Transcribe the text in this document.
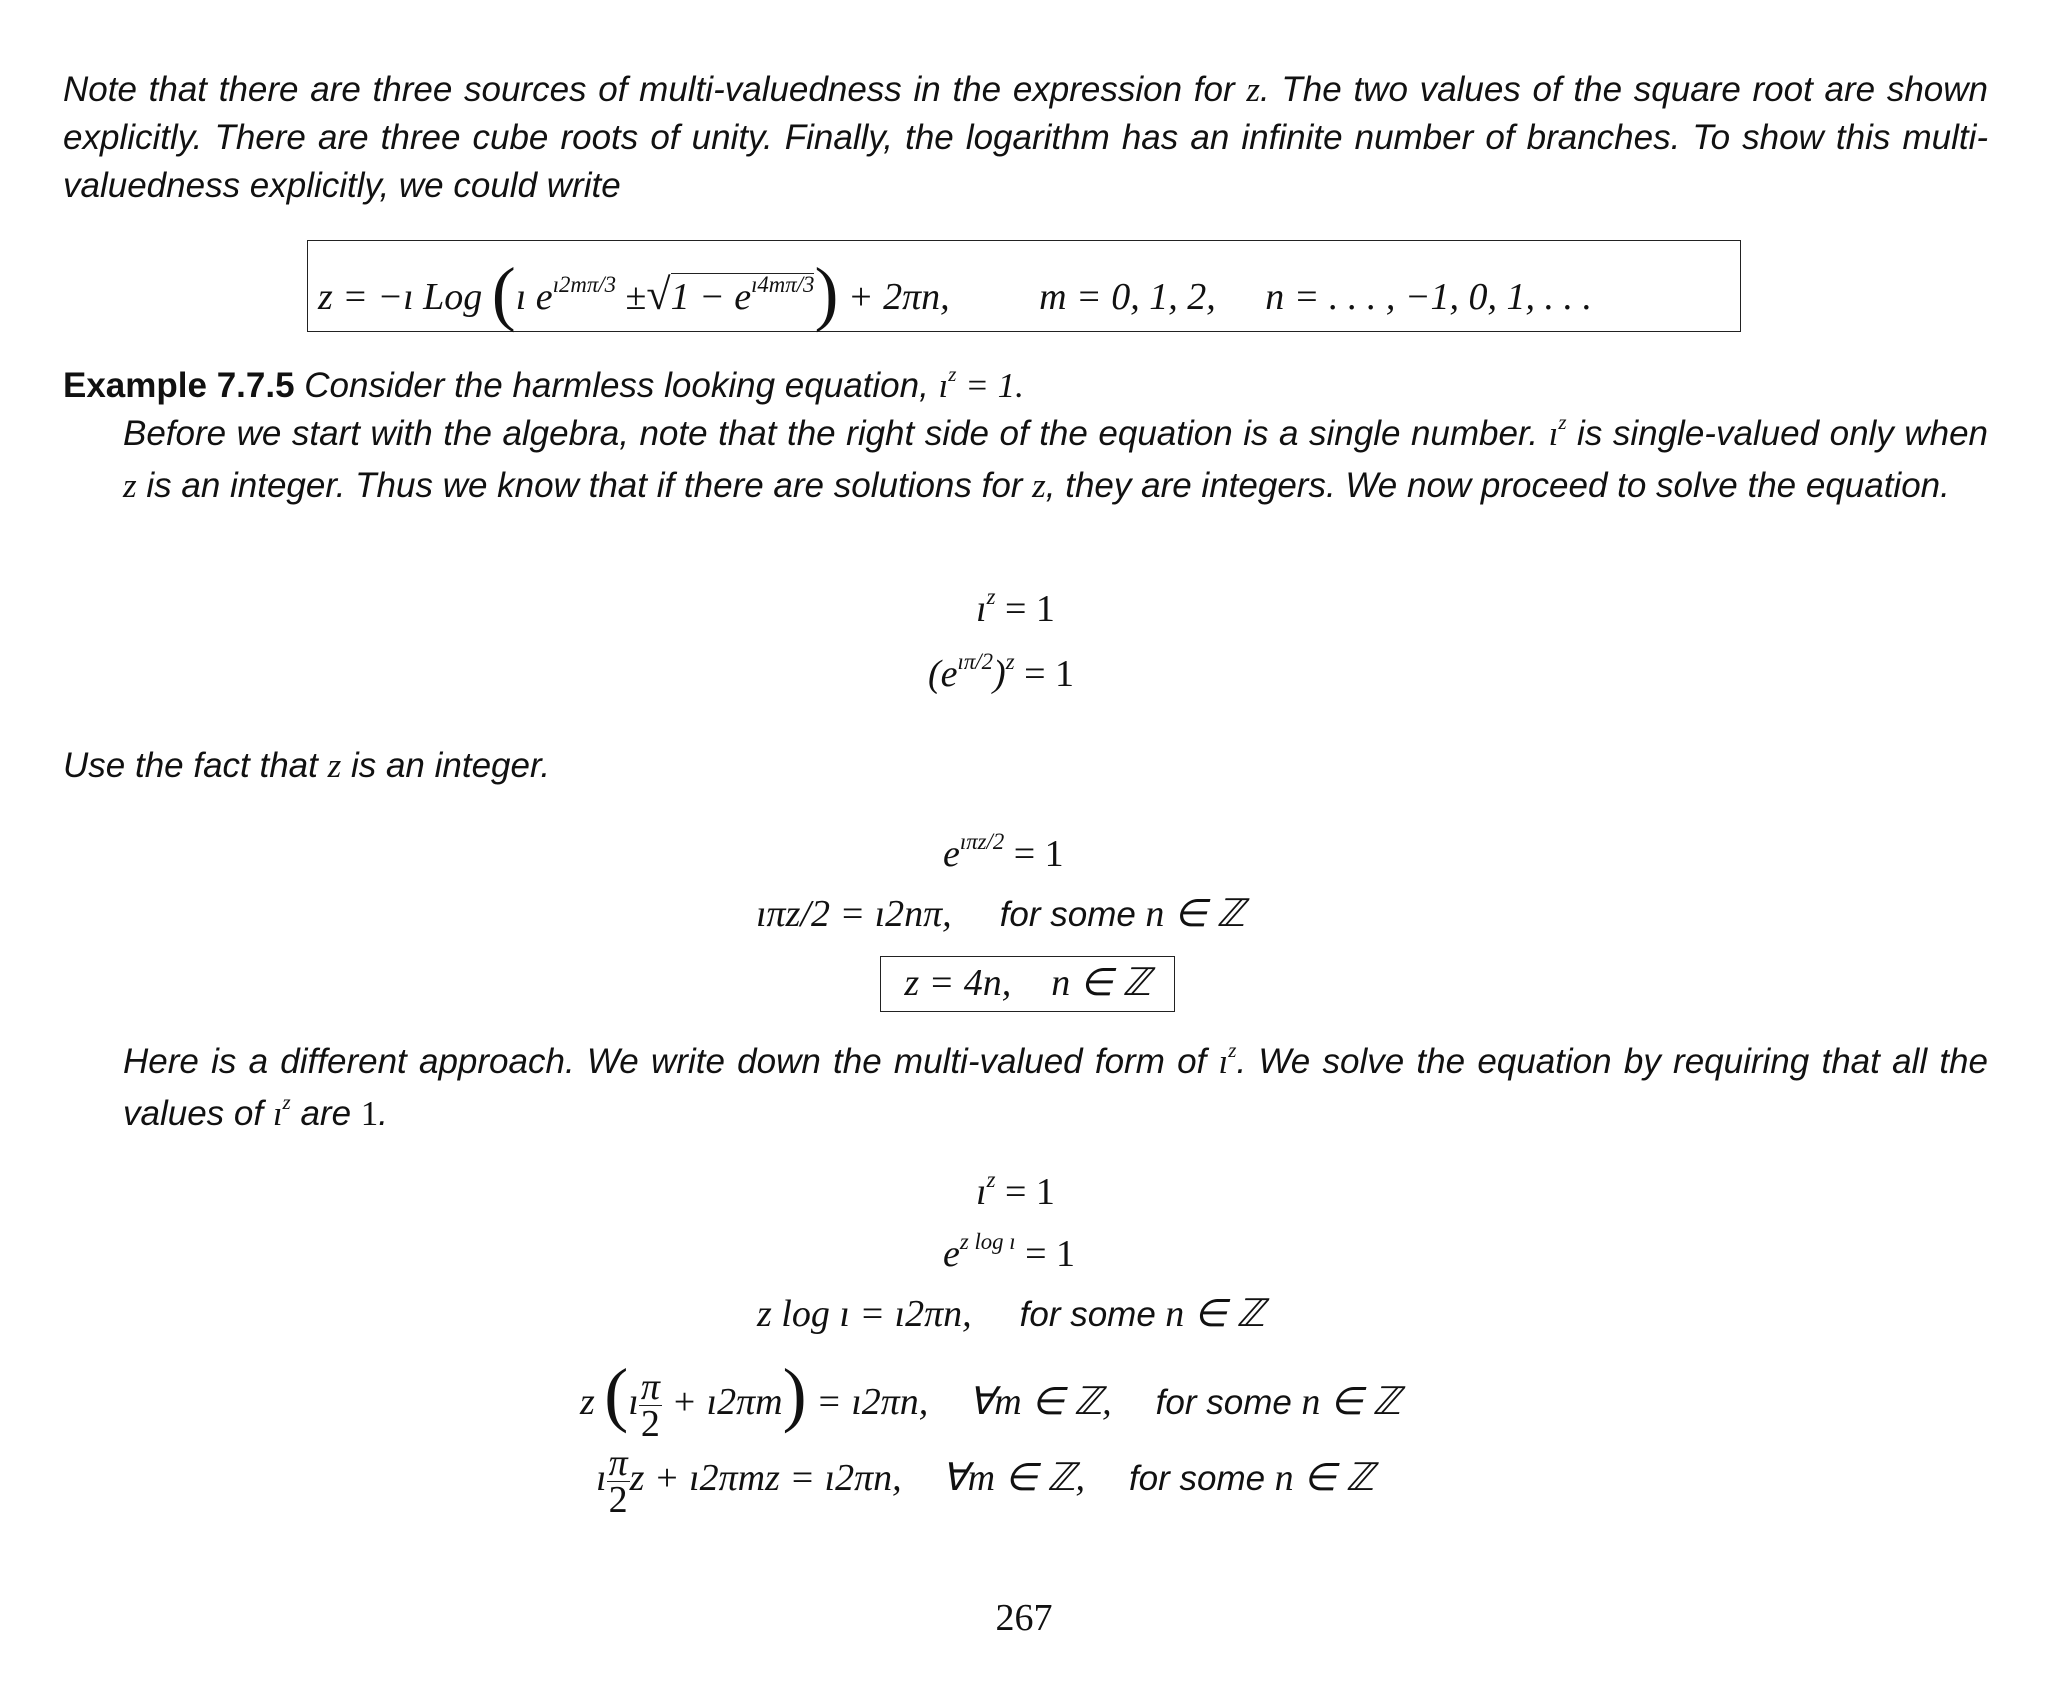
Note that there are three sources of multi-valuedness in the expression for z. The two values of the square root are shown explicitly. There are three cube roots of unity. Finally, the logarithm has an infinite number of branches. To show this multi-valuedness explicitly, we could write

z = −ı Log (ı $e^{ı2m\pi/3} \pm√1 - e^{ı4m\pi/3}) + 2\pi n$, m = 0, 1, 2, n = . . . , −1, 0, 1, . . .

Example 7.7.5 Consider the harmless looking equation, $ı^z = 1$.

Before we start with the algebra, note that the right side of the equation is a single number. $ı^z$ is single-valued only when z is an integer. Thus we know that if there are solutions for z, they are integers. We now proceed to solve the equation.

$ı^z = 1$
$(e^{ı\pi/2})^z = 1$

Use the fact that z is an integer.

$e^{ı\pi z/2} = 1$
ıπz/2 = ı2nπ, for some n ∈ ℤ
z = 4n, n ∈ ℤ

Here is a different approach. We write down the multi-valued form of $ı^z$. We solve the equation by requiring that all the values of $ı^z$ are 1.

$ı^z = 1$
$e^{z log ı} = 1$
z log ı = ı2πn, for some n ∈ ℤ
z (ı $\frac{\pi}{2}$ + ı2πm) = ı2πn, ∀m ∈ ℤ, for some n ∈ ℤ
ı $\frac{\pi}{2}$ z + ı2πmz = ı2πn, ∀m ∈ ℤ, for some n ∈ ℤ
267
